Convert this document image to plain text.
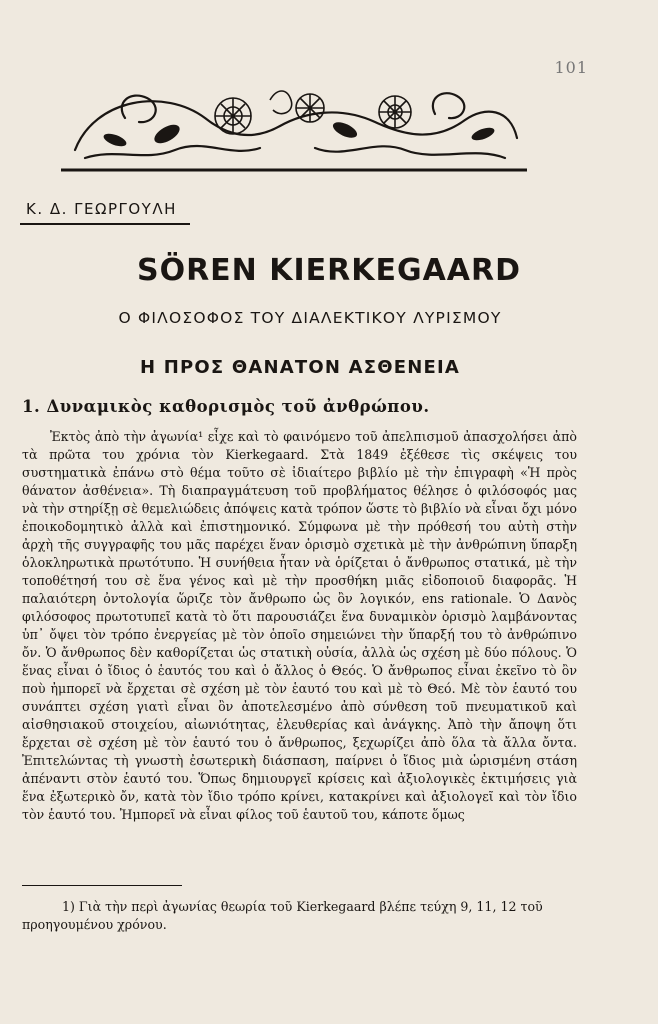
101
Κ. Δ. ΓΕΩΡΓΟΥΛΗ
SÖREN KIERKEGAARD
Ο ΦΙΛΟΣΟΦΟΣ ΤΟΥ ΔΙΑΛΕΚΤΙΚΟΥ ΛΥΡΙΣΜΟΥ
Η ΠΡΟΣ ΘΑΝΑΤΟΝ ΑΣΘΕΝΕΙΑ
1. Δυναμικὸς καθορισμὸς τοῦ ἀνθρώπου.

Ἐκτὸς ἀπὸ τὴν ἀγωνία¹ εἶχε καὶ τὸ φαινόμενο τοῦ ἀπελπισμοῦ ἀπασχολήσει ἀπὸ τὰ πρῶτα του χρόνια τὸν Kierkegaard. Στὰ 1849 ἐξέθεσε τὶς σκέψεις του συστηματικὰ ἐπάνω στὸ θέμα τοῦτο σὲ ἰδιαίτερο βιβλίο μὲ τὴν ἐπιγραφὴ «Ἡ πρὸς θάνατον ἀσθένεια». Τὴ διαπραγμάτευση τοῦ προβλήματος θέλησε ὁ φιλόσοφός μας νὰ τὴν στηρίξῃ σὲ θεμελιώδεις ἀπόψεις κατὰ τρόπον ὥστε τὸ βιβλίο νὰ εἶναι ὄχι μόνο ἐποικοδομητικὸ ἀλλὰ καὶ ἐπιστημονικό. Σύμφωνα μὲ τὴν πρόθεσή του αὐτὴ στὴν ἀρχὴ τῆς συγγραφῆς του μᾶς παρέχει ἕναν ὁρισμὸ σχετικὰ μὲ τὴν ἀνθρώπινη ὕπαρξη ὁλοκληρωτικὰ πρωτότυπο. Ἡ συνήθεια ἦταν νὰ ὁρίζεται ὁ ἄνθρωπος στατικά, μὲ τὴν τοποθέτησή του σὲ ἕνα γένος καὶ μὲ τὴν προσθήκη μιᾶς εἰδοποιοῦ διαφορᾶς. Ἡ παλαιότερη ὀντολογία ὥριζε τὸν ἄνθρωπο ὡς ὂν λογικόν, ens rationale. Ὁ Δανὸς φιλόσοφος πρωτοτυπεῖ κατὰ τὸ ὅτι παρουσιάζει ἕνα δυναμικὸν ὁρισμὸ λαμβάνοντας ὑπ᾽ ὄψει τὸν τρόπο ἐνεργείας μὲ τὸν ὁποῖο σημειώνει τὴν ὕπαρξή του τὸ ἀνθρώπινο ὄν. Ὁ ἄνθρωπος δὲν καθορίζεται ὡς στατικὴ οὐσία, ἀλλὰ ὡς σχέση μὲ δύο πόλους. Ὁ ἕνας εἶναι ὁ ἴδιος ὁ ἑαυτός του καὶ ὁ ἄλλος ὁ Θεός. Ὁ ἄνθρωπος εἶναι ἐκεῖνο τὸ ὂν ποὺ ἠμπορεῖ νὰ ἔρχεται σὲ σχέση μὲ τὸν ἑαυτό του καὶ μὲ τὸ Θεό. Μὲ τὸν ἑαυτό του συνάπτει σχέση γιατὶ εἶναι ὂν ἀποτελεσμένο ἀπὸ σύνθεση τοῦ πνευματικοῦ καὶ αἰσθησιακοῦ στοιχείου, αἰωνιότητας, ἐλευθερίας καὶ ἀνάγκης. Ἀπὸ τὴν ἄποψη ὅτι ἔρχεται σὲ σχέση μὲ τὸν ἑαυτό του ὁ ἄνθρωπος, ξεχωρίζει ἀπὸ ὅλα τὰ ἄλλα ὄντα. Ἐπιτελώντας τὴ γνωστὴ ἐσωτερικὴ διάσπαση, παίρνει ὁ ἴδιος μιὰ ὡρισμένη στάση ἀπέναντι στὸν ἑαυτό του. Ὅπως δημιουργεῖ κρίσεις καὶ ἀξιολογικὲς ἐκτιμήσεις γιὰ ἕνα ἐξωτερικὸ ὄν, κατὰ τὸν ἴδιο τρόπο κρίνει, κατακρίνει καὶ ἀξιολογεῖ καὶ τὸν ἴδιο τὸν ἑαυτό του. Ἠμπορεῖ νὰ εἶναι φίλος τοῦ ἑαυτοῦ του, κάποτε ὅμως

1) Γιὰ τὴν περὶ ἀγωνίας θεωρία τοῦ Kierkegaard βλέπε τεύχη 9, 11, 12 τοῦ προηγουμένου χρόνου.
